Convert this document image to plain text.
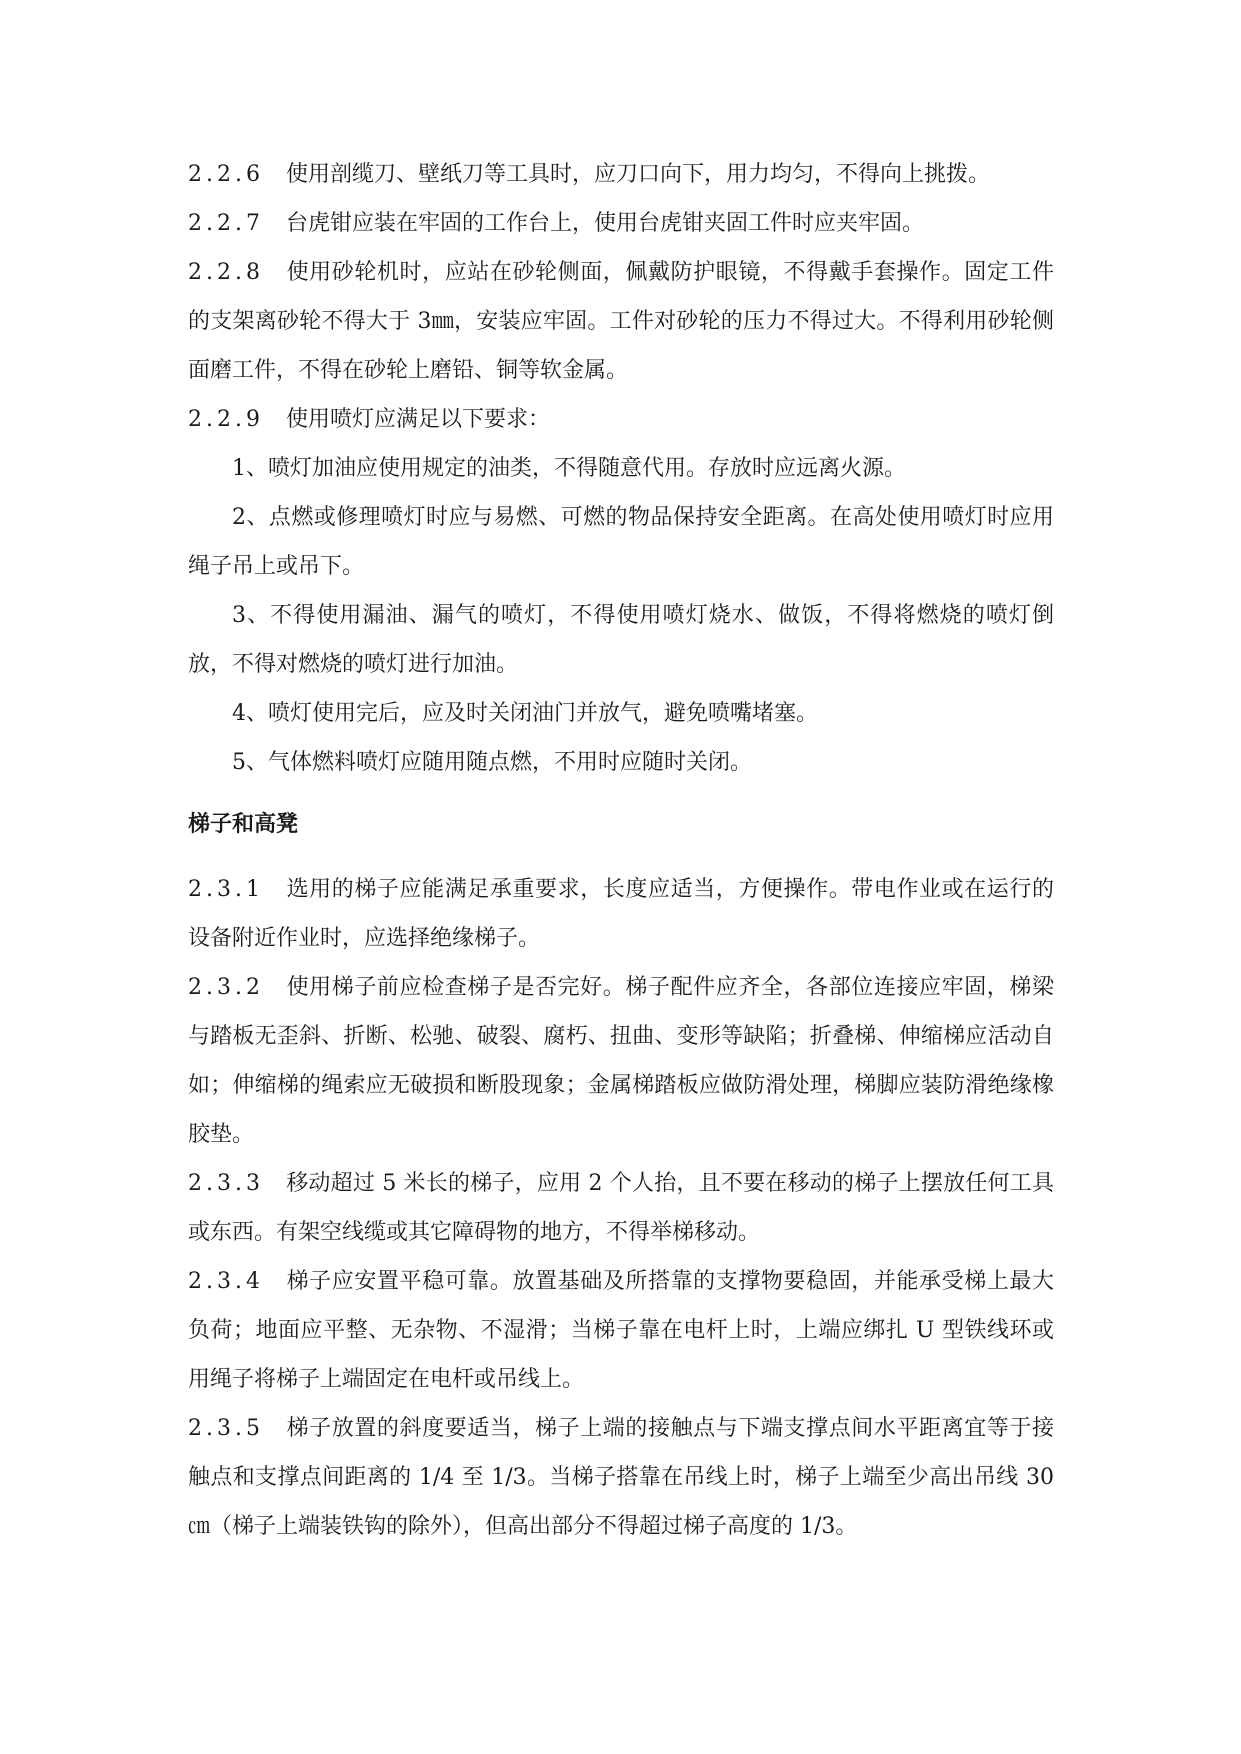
2.2.6 使用剖缆刀、壁纸刀等工具时，应刀口向下，用力均匀，不得向上挑拨。

2.2.7 台虎钳应装在牢固的工作台上，使用台虎钳夹固工件时应夹牢固。

2.2.8 使用砂轮机时，应站在砂轮侧面，佩戴防护眼镜，不得戴手套操作。固定工件的支架离砂轮不得大于 3㎜，安装应牢固。工件对砂轮的压力不得过大。不得利用砂轮侧面磨工件，不得在砂轮上磨铅、铜等软金属。

2.2.9 使用喷灯应满足以下要求：

1、喷灯加油应使用规定的油类，不得随意代用。存放时应远离火源。

2、点燃或修理喷灯时应与易燃、可燃的物品保持安全距离。在高处使用喷灯时应用绳子吊上或吊下。

3、不得使用漏油、漏气的喷灯，不得使用喷灯烧水、做饭，不得将燃烧的喷灯倒放，不得对燃烧的喷灯进行加油。

4、喷灯使用完后，应及时关闭油门并放气，避免喷嘴堵塞。

5、气体燃料喷灯应随用随点燃，不用时应随时关闭。

梯子和高凳

2.3.1 选用的梯子应能满足承重要求，长度应适当，方便操作。带电作业或在运行的设备附近作业时，应选择绝缘梯子。

2.3.2 使用梯子前应检查梯子是否完好。梯子配件应齐全，各部位连接应牢固，梯梁与踏板无歪斜、折断、松驰、破裂、腐朽、扭曲、变形等缺陷；折叠梯、伸缩梯应活动自如；伸缩梯的绳索应无破损和断股现象；金属梯踏板应做防滑处理，梯脚应装防滑绝缘橡胶垫。

2.3.3 移动超过 5 米长的梯子，应用 2 个人抬，且不要在移动的梯子上摆放任何工具或东西。有架空线缆或其它障碍物的地方，不得举梯移动。

2.3.4 梯子应安置平稳可靠。放置基础及所搭靠的支撑物要稳固，并能承受梯上最大负荷；地面应平整、无杂物、不湿滑；当梯子靠在电杆上时，上端应绑扎 U 型铁线环或用绳子将梯子上端固定在电杆或吊线上。

2.3.5 梯子放置的斜度要适当，梯子上端的接触点与下端支撑点间水平距离宜等于接触点和支撑点间距离的 1/4 至 1/3。当梯子搭靠在吊线上时，梯子上端至少高出吊线 30㎝（梯子上端装铁钩的除外），但高出部分不得超过梯子高度的 1/3。
